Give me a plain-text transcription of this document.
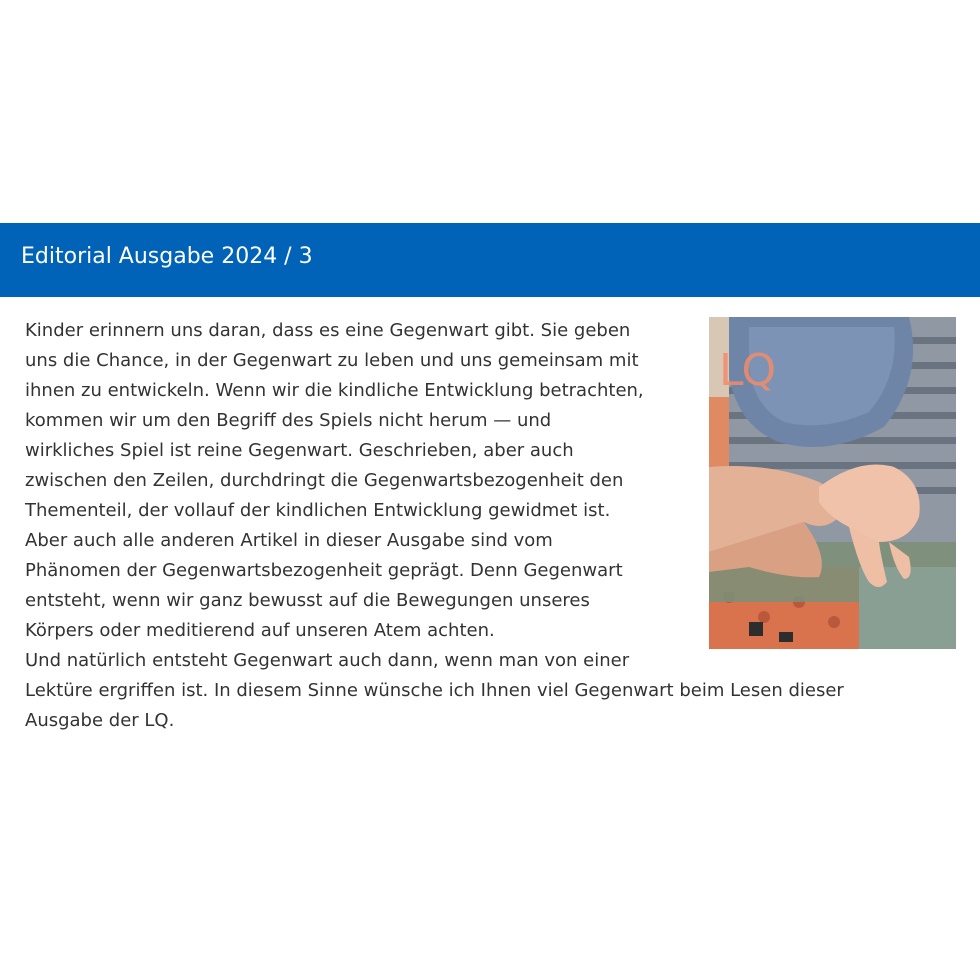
Editorial Ausgabe 2024 / 3
LQ
Kinder erinnern uns daran, dass es eine Gegenwart gibt. Sie geben
uns die Chance, in der Gegenwart zu leben und uns gemeinsam mit
ihnen zu entwickeln. Wenn wir die kindliche Entwicklung betrachten,
kommen wir um den Begriff des Spiels nicht herum — und
wirkliches Spiel ist reine Gegenwart. Geschrieben, aber auch
zwischen den Zeilen, durchdringt die Gegenwartsbezogenheit den
Thementeil, der vollauf der kindlichen Entwicklung gewidmet ist.
Aber auch alle anderen Artikel in dieser Ausgabe sind vom
Phänomen der Gegenwartsbezogenheit geprägt. Denn Gegenwart
entsteht, wenn wir ganz bewusst auf die Bewegungen unseres
Körpers oder meditierend auf unseren Atem achten.
Und natürlich entsteht Gegenwart auch dann, wenn man von einer
Lektüre ergriffen ist. In diesem Sinne wünsche ich Ihnen viel Gegenwart beim Lesen dieser
Ausgabe der LQ.
